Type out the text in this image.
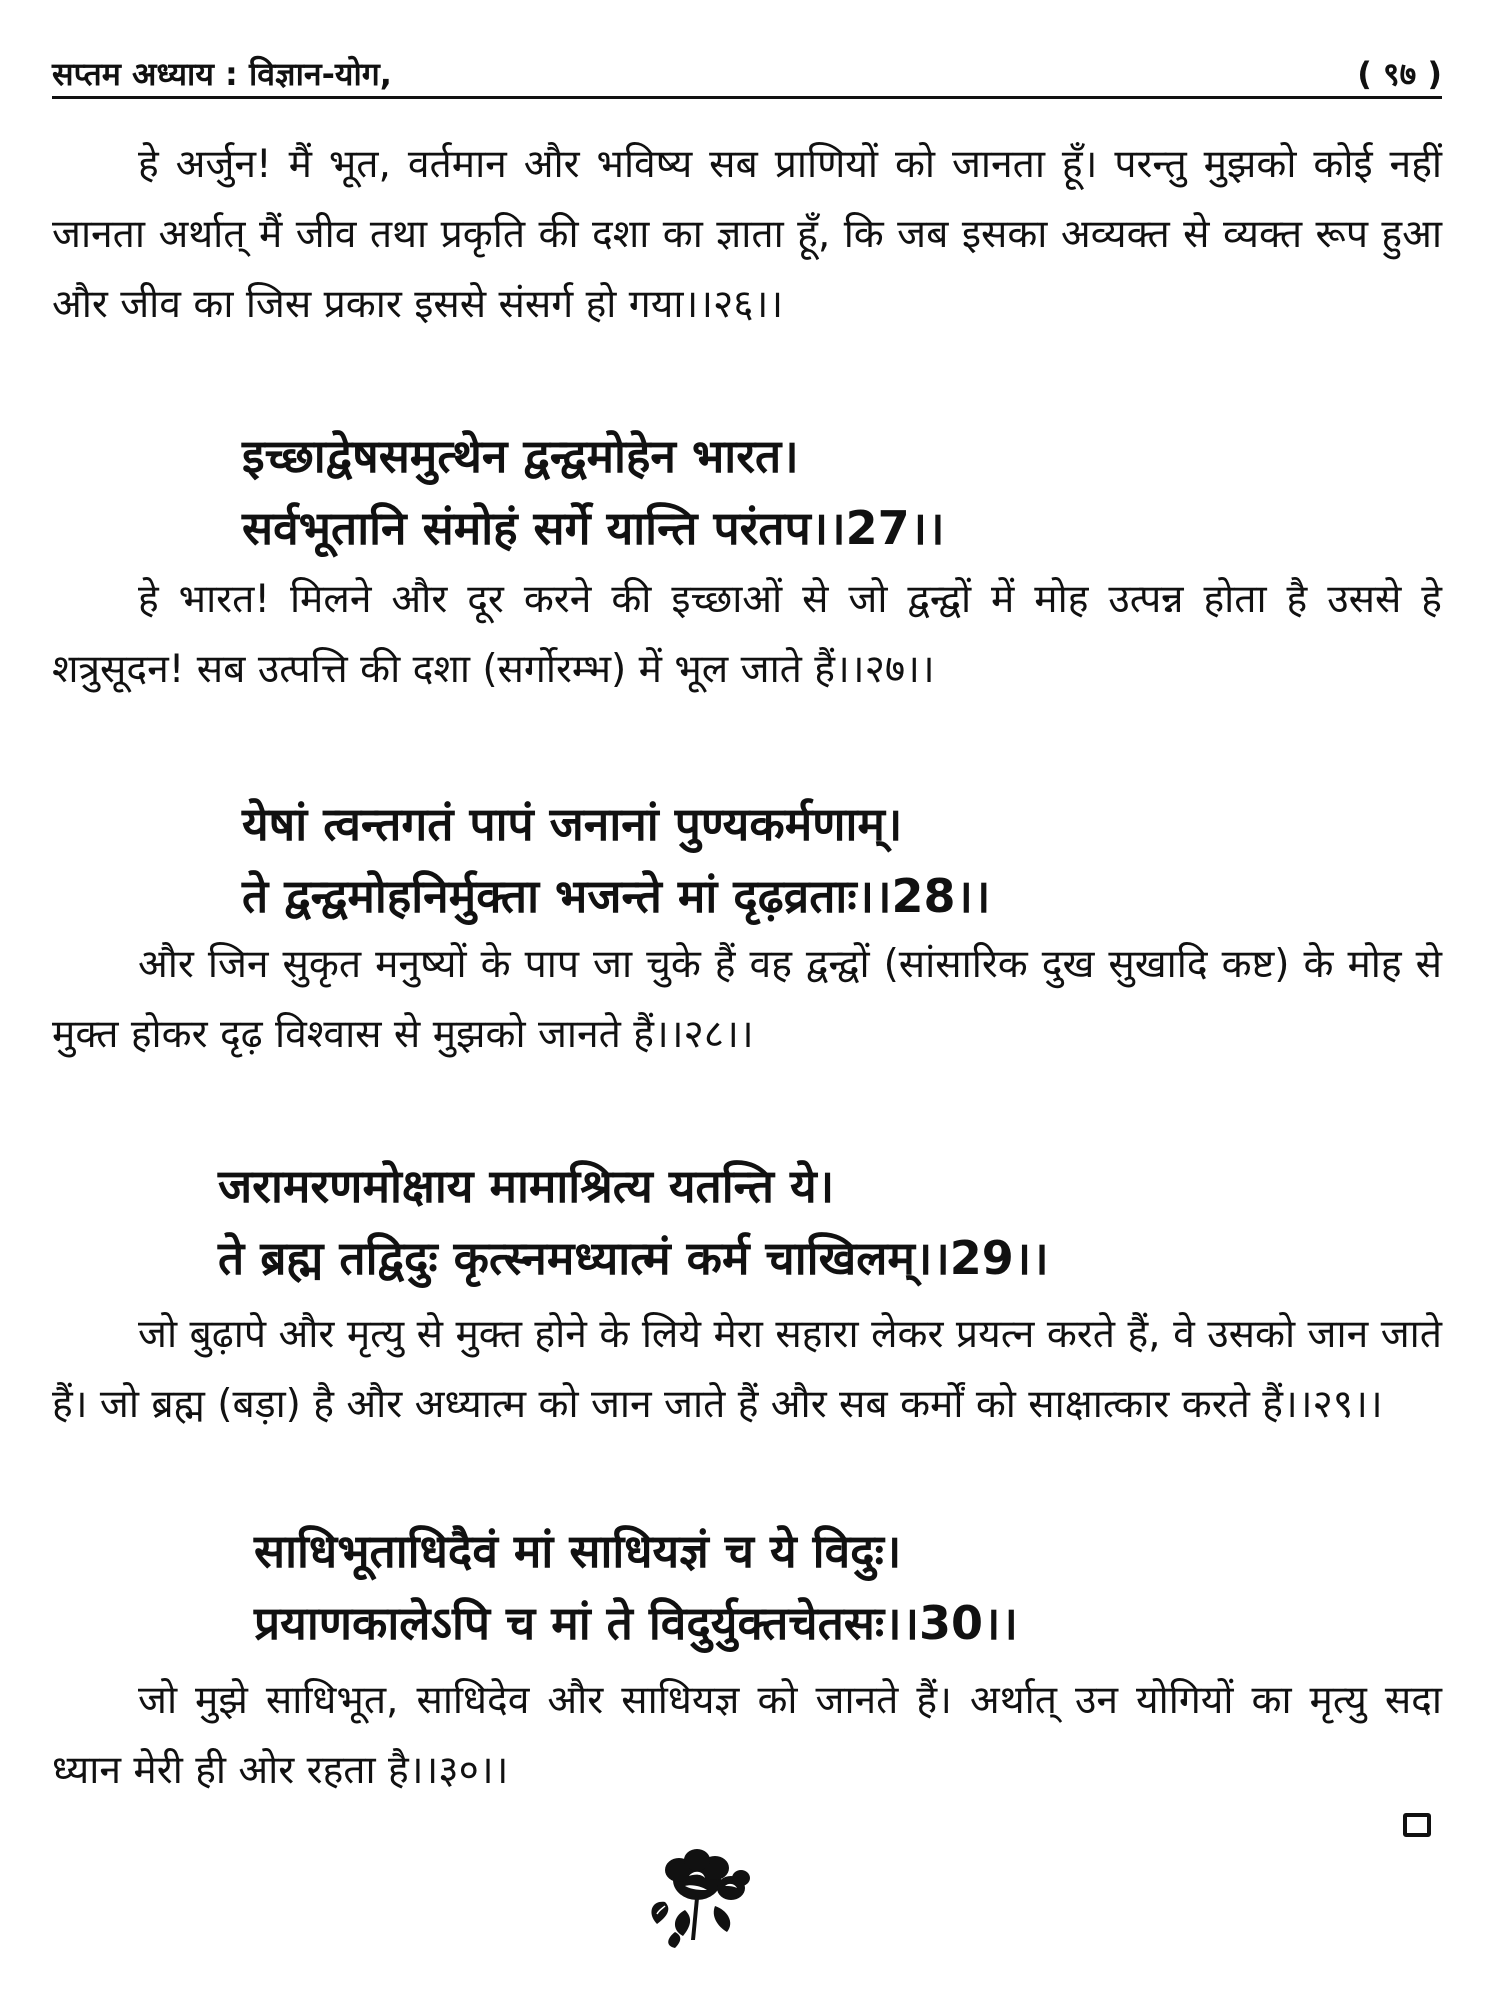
सप्तम अध्याय : विज्ञान-योग,	( ९७ )

हे अर्जुन! मैं भूत, वर्तमान और भविष्य सब प्राणियों को जानता हूँ। परन्तु मुझको कोई नहीं जानता अर्थात् मैं जीव तथा प्रकृति की दशा का ज्ञाता हूँ, कि जब इसका अव्यक्त से व्यक्त रूप हुआ और जीव का जिस प्रकार इससे संसर्ग हो गया।।२६।।

इच्छाद्वेषसमुत्थेन द्वन्द्वमोहेन भारत।
सर्वभूतानि संमोहं सर्गे यान्ति परंतप।।27।।

हे भारत! मिलने और दूर करने की इच्छाओं से जो द्वन्द्वों में मोह उत्पन्न होता है उससे हे शत्रुसूदन! सब उत्पत्ति की दशा (सर्गोरम्भ) में भूल जाते हैं।।२७।।

येषां त्वन्तगतं पापं जनानां पुण्यकर्मणाम्।
ते द्वन्द्वमोहनिर्मुक्ता भजन्ते मां दृढ़व्रताः।।28।।

और जिन सुकृत मनुष्यों के पाप जा चुके हैं वह द्वन्द्वों (सांसारिक दुख सुखादि कष्ट) के मोह से मुक्त होकर दृढ़ विश्वास से मुझको जानते हैं।।२८।।

जरामरणमोक्षाय मामाश्रित्य यतन्ति ये।
ते ब्रह्म तद्विदुः कृत्स्नमध्यात्मं कर्म चाखिलम्।।29।।

जो बुढ़ापे और मृत्यु से मुक्त होने के लिये मेरा सहारा लेकर प्रयत्न करते हैं, वे उसको जान जाते हैं। जो ब्रह्म (बड़ा) है और अध्यात्म को जान जाते हैं और सब कर्मों को साक्षात्कार करते हैं।।२९।।

साधिभूताधिदैवं मां साधियज्ञं च ये विदुः।
प्रयाणकालेऽपि च मां ते विदुर्युक्तचेतसः।।30।।

जो मुझे साधिभूत, साधिदेव और साधियज्ञ को जानते हैं। अर्थात् उन योगियों का मृत्यु सदा ध्यान मेरी ही ओर रहता है।।३०।।
